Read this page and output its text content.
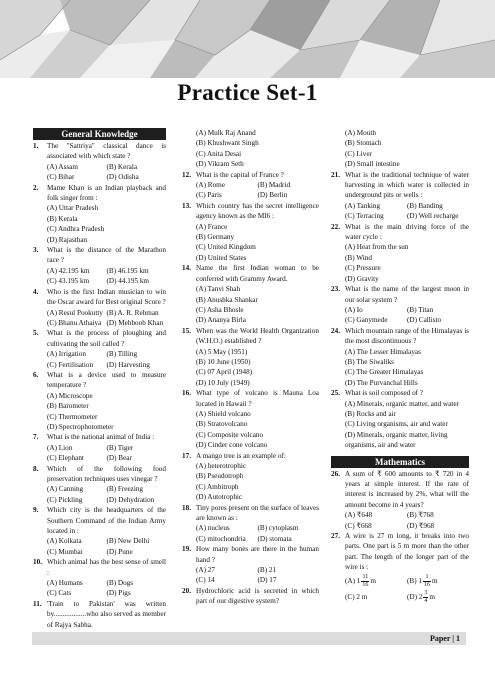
Practice Set-1
General Knowledge
1.	The "Sattriya" classical dance is associated with which state ?
(A) Assam	(B) Kerala
(C) Bihar	(D) Odisha
2.	Mame Khan is an Indian playback and folk singer from :
(A) Uttar Pradesh
(B) Kerala
(C) Andhra Pradesh
(D) Rajasthan
3.	What is the distance of the Marathon race ?
(A) 42.195 km	(B) 46.195 km
(C) 43.195 km	(D) 44.195 km
4.	Who is the first Indian musician to win the Oscar award for Best original Score ?
(A) Resul Pookutty (B) A. R. Rehman
(C) Bhanu Athaiya (D) Mehboob Khan
5.	What is the process of ploughing and cultivating the soil called ?
(A) Irrigation	(B) Tilling
(C) Fertilisation	(D) Harvesting
6.	What is a device used to measure temperature ?
(A) Microscope
(B) Barometer
(C) Thermometer
(D) Spectrophotometer
7.	What is the national animal of India :
(A) Lion	(B) Tiger
(C) Elephant	(D) Bear
8.	Which of the following food preservation techniques uses vinegar ?
(A) Canning	(B) Freezing
(C) Pickling	(D) Dehydration
9.	Which city is the headquarters of the Southern Command of the Indian Army located in :
(A) Kolkata	(B) New Delhi
(C) Mumbai	(D) Pune
10. Which animal has the best sense of smell :
(A) Humans	(B) Dogs
(C) Cats	(D) Pigs
11. 'Train to Pakistan' was written by..................who also served as member of Rajya Sabha.
(A) Mulk Raj Anand
(B) Khushwant Singh
(C) Anita Desai
(D) Vikram Seth
12. What is the capital of France ?
(A) Rome	(B) Madrid
(C) Paris	(D) Berlin
13. Which country has the secret intelligence agency known as the MI6 :
(A) France
(B) Germany
(C) United Kingdom
(D) United States
14. Name the first Indian woman to be conferred with Grammy Award.
(A) Tanvi Shah
(B) Anushka Shankar
(C) Asha Bhosle
(D) Ananya Birla
15. When was the World Health Organization (W.H.O.) established ?
(A) 5 May (1951)
(B) 10 June (1950)
(C) 07 April (1948)
(D) 10 July (1949)
16. What type of volcano is Mauna Loa located in Hawaii ?
(A) Shield volcano
(B) Stratovolcano
(C) Composite volcano
(D) Cinder cone volcano
17. A mango tree is an example of:
(A) heterotrophic
(B) Pseudotroph
(C) Ambitroph
(D) Autotrophic
18. Tiny pores present on the surface of leaves are known as :
(A) nucleus	(B) cytoplasm
(C) mitochondria	(D) stomata
19. How many bones are there in the human hand ?
(A) 27	(B) 21
(C) 14	(D) 17
20. Hydrochloric acid is secreted in which part of our digestive system?
(A) Mouth
(B) Stomach
(C) Liver
(D) Small intestine
21. What is the traditional technique of water harvesting in which water is collected in underground pits or wells :
(A) Tanking	(B) Banding
(C) Terracing	(D) Well recharge
22. What is the main driving force of the water cycle :
(A) Heat from the sun
(B) Wind
(C) Pressure
(D) Gravity
23. What is the name of the largest moon in our solar system ?
(A) Io	(B) Titan
(C) Ganymede	(D) Callisto
24. Which mountain range of the Himalayas is the most discontinuous ?
(A) The Lesser Himalayas
(B) The Siwaliks
(C) The Greater Himalayas
(D) The Purvanchal Hills
25. What is soil composed of ?
(A) Minerals, organic matter, and water
(B) Rocks and air
(C) Living organisms, air and water
(D) Minerals, organic matter, living organisms, air and water
Mathematics
26. A sum of ₹ 600 amounts to ₹ 720 in 4 years at simple interest. If the rate of interest is increased by 2%, what will the amount become in 4 years?
(A) ₹648	(B) ₹768
(C) ₹668	(D) ₹968
27. A wire is 27 m long, it breaks into two parts. One part is 5 m more than the other part. The length of the longer part of the wire is :
(A) $1 \frac{11}{16}$ m	(B) $1 \frac{1}{16}$ m
(C) 2 m	(D) $2 \frac{3}{4}$ m
Paper | 1
